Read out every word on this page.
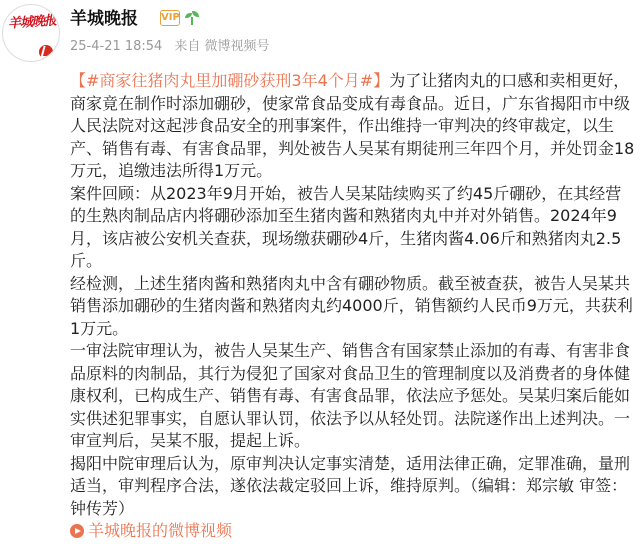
羊城晚报 羊城晚报 VIP
25-4-21 18:54 来自 微博视频号

【#商家往猪肉丸里加硼砂获刑3年4个月#】为了让猪肉丸的口感和卖相更好，商家竟在制作时添加硼砂，使家常食品变成有毒食品。近日，广东省揭阳市中级人民法院对这起涉食品安全的刑事案件，作出维持一审判决的终审裁定，以生产、销售有毒、有害食品罪，判处被告人吴某有期徒刑三年四个月，并处罚金18万元，追缴违法所得1万元。

案件回顾：从2023年9月开始，被告人吴某陆续购买了约45斤硼砂，在其经营的生熟肉制品店内将硼砂添加至生猪肉酱和熟猪肉丸中并对外销售。2024年9月，该店被公安机关查获，现场缴获硼砂4斤，生猪肉酱4.06斤和熟猪肉丸2.5斤。

经检测，上述生猪肉酱和熟猪肉丸中含有硼砂物质。截至被查获，被告人吴某共销售添加硼砂的生猪肉酱和熟猪肉丸约4000斤，销售额约人民币9万元，共获利1万元。

一审法院审理认为，被告人吴某生产、销售含有国家禁止添加的有毒、有害非食品原料的肉制品，其行为侵犯了国家对食品卫生的管理制度以及消费者的身体健康权利，已构成生产、销售有毒、有害食品罪，依法应予惩处。吴某归案后能如实供述犯罪事实，自愿认罪认罚，依法予以从轻处罚。法院遂作出上述判决。一审宣判后，吴某不服，提起上诉。

揭阳中院审理后认为，原审判决认定事实清楚，适用法律正确，定罪准确，量刑适当，审判程序合法，遂依法裁定驳回上诉，维持原判。（编辑：郑宗敏 审签：钟传芳）

羊城晚报的微博视频
